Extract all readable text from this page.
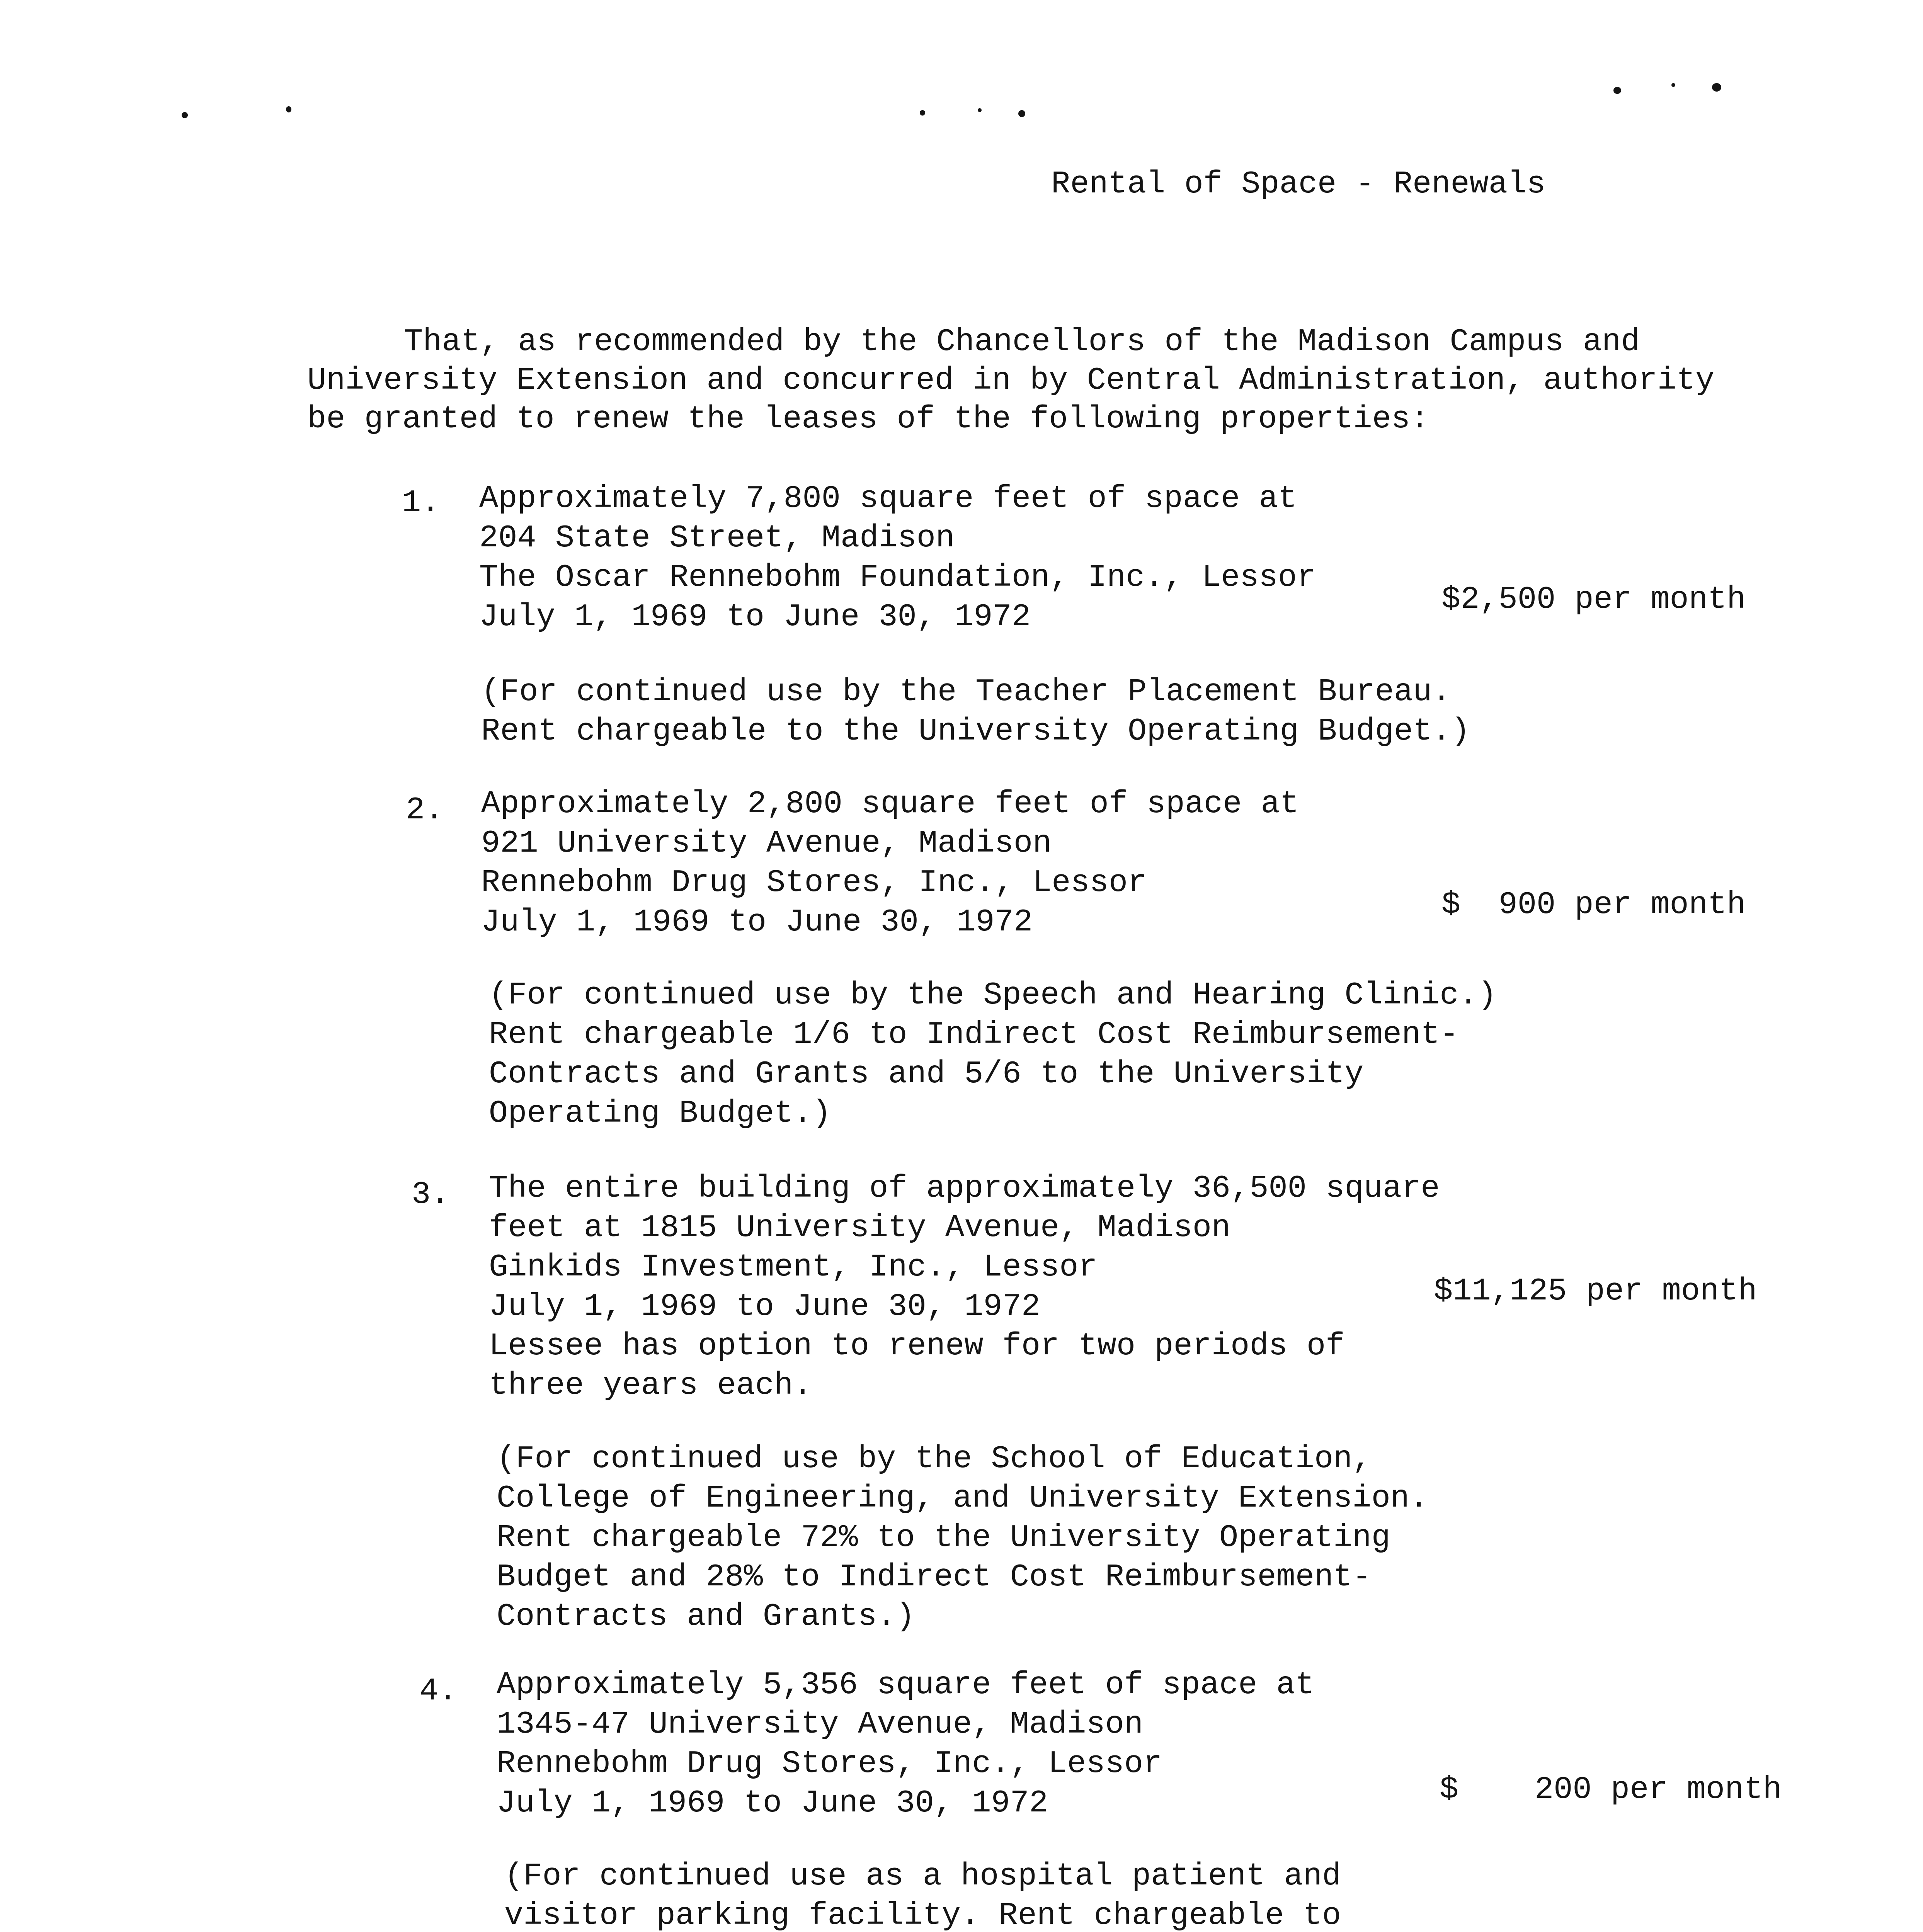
Rental of Space - Renewals
That, as recommended by the Chancellors of the Madison Campus and
University Extension and concurred in by Central Administration, authority
be granted to renew the leases of the following properties:
1. Approximately 7,800 square feet of space at
204 State Street, Madison
The Oscar Rennebohm Foundation, Inc., Lessor
July 1, 1969 to June 30, 1972	$2,500 per month
(For continued use by the Teacher Placement Bureau.
Rent chargeable to the University Operating Budget.)
2. Approximately 2,800 square feet of space at
921 University Avenue, Madison
Rennebohm Drug Stores, Inc., Lessor
July 1, 1969 to June 30, 1972	$  900 per month
(For continued use by the Speech and Hearing Clinic.)
Rent chargeable 1/6 to Indirect Cost Reimbursement-
Contracts and Grants and 5/6 to the University
Operating Budget.)
3. The entire building of approximately 36,500 square
feet at 1815 University Avenue, Madison
Ginkids Investment, Inc., Lessor
July 1, 1969 to June 30, 1972
Lessee has option to renew for two periods of
three years each.
$11,125 per month
(For continued use by the School of Education,
College of Engineering, and University Extension.
Rent chargeable 72% to the University Operating
Budget and 28% to Indirect Cost Reimbursement-
Contracts and Grants.)
4. Approximately 5,356 square feet of space at
1345-47 University Avenue, Madison
Rennebohm Drug Stores, Inc., Lessor
July 1, 1969 to June 30, 1972	$    200 per month
(For continued use as a hospital patient and
visitor parking facility. Rent chargeable to
